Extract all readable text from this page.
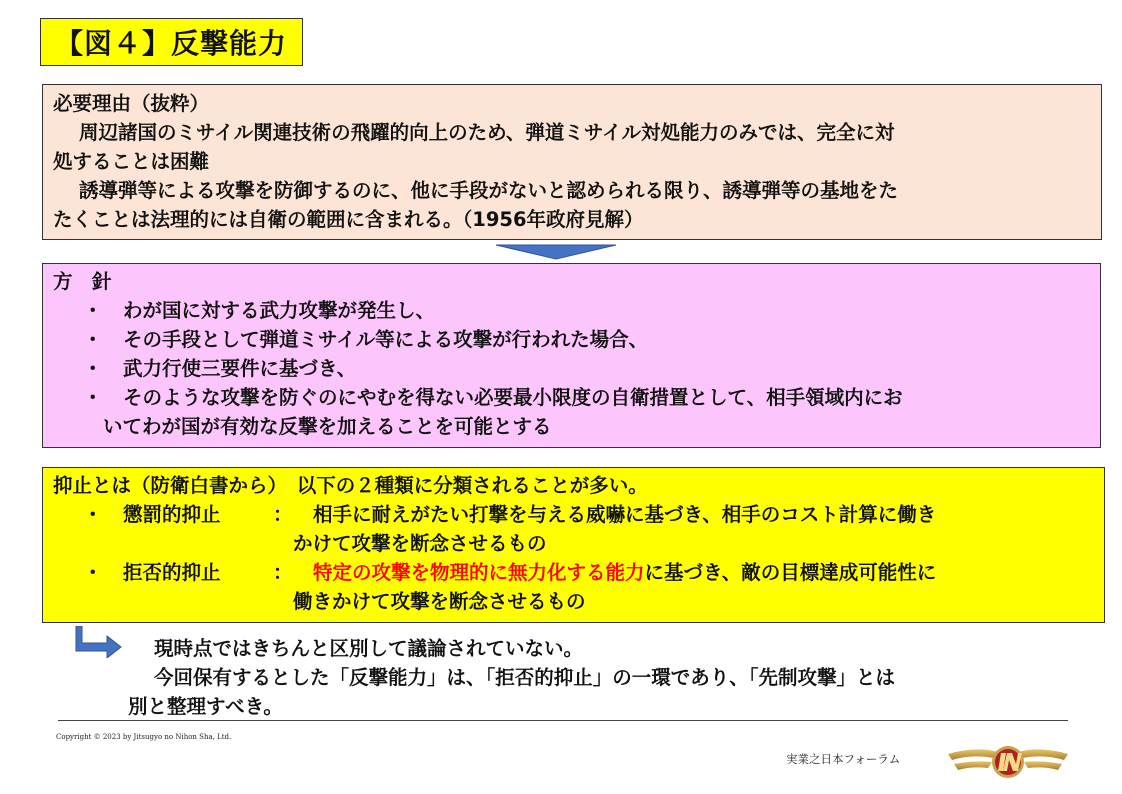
【図４】反撃能力
必要理由（抜粋）
周辺諸国のミサイル関連技術の飛躍的向上のため、弾道ミサイル対処能力のみでは、完全に対
処することは困難
誘導弾等による攻撃を防御するのに、他に手段がないと認められる限り、誘導弾等の基地をた
たくことは法理的には自衛の範囲に含まれる。（1956年政府見解）
方　針
・	わが国に対する武力攻撃が発生し、
・	その手段として弾道ミサイル等による攻撃が行われた場合、
・	武力行使三要件に基づき、
・	そのような攻撃を防ぐのにやむを得ない必要最小限度の自衛措置として、相手領域内にお
いてわが国が有効な反撃を加えることを可能とする
抑止とは（防衛白書から）　以下の２種類に分類されることが多い。
・	懲罰的抑止	：	相手に耐えがたい打撃を与える威嚇に基づき、相手のコスト計算に働き
かけて攻撃を断念させるもの
・	拒否的抑止	：	特定の攻撃を物理的に無力化する能力に基づき、敵の目標達成可能性に
働きかけて攻撃を断念させるもの
現時点ではきちんと区別して議論されていない。
今回保有するとした「反撃能力」は、「拒否的抑止」の一環であり、「先制攻撃」とは
別と整理すべき。
Copyright © 2023 by Jitsugyo no Nihon Sha, Ltd.
実業之日本フォーラム
